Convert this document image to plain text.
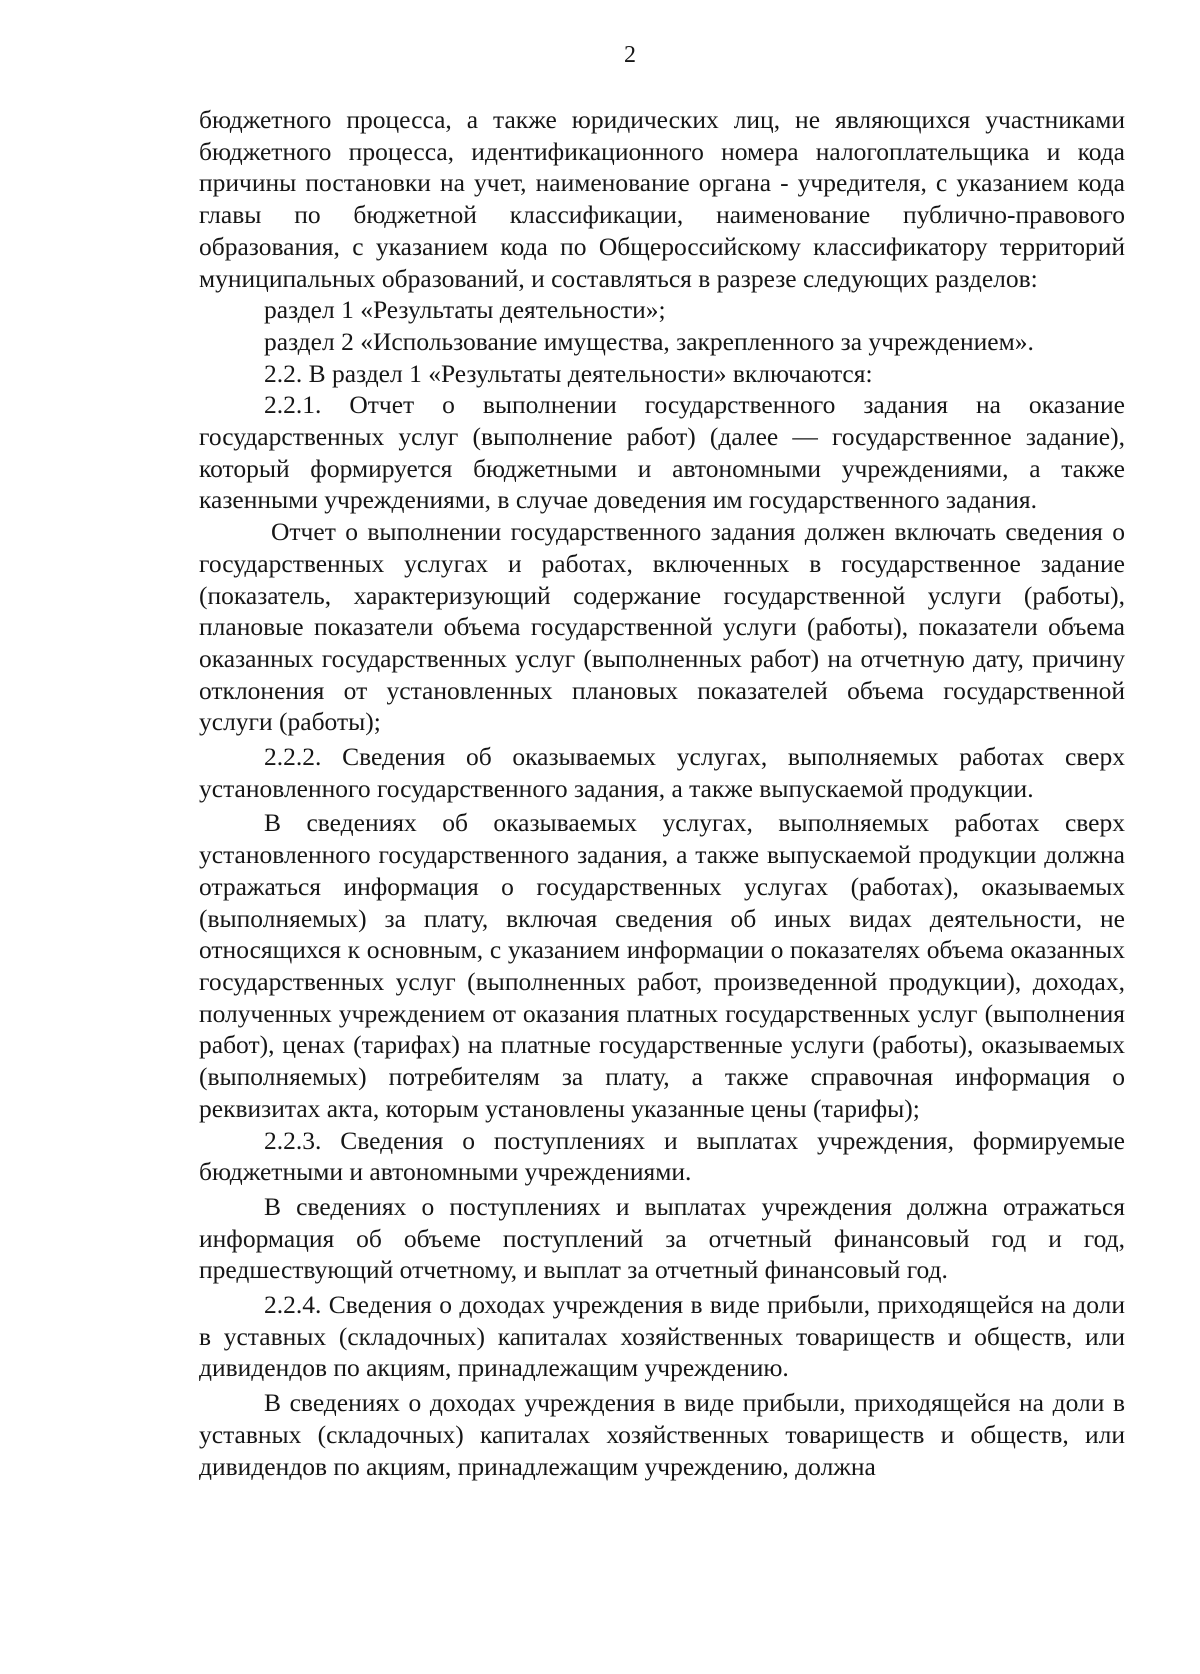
2

бюджетного процесса, а также юридических лиц, не являющихся участниками бюджетного процесса, идентификационного номера налогоплательщика и кода причины постановки на учет, наименование органа - учредителя, с указанием кода главы по бюджетной классификации, наименование публично-правового образования, с указанием кода по Общероссийскому классификатору территорий муниципальных образований, и составляться в разрезе следующих разделов:

раздел 1 «Результаты деятельности»;

раздел 2 «Использование имущества, закрепленного за учреждением».

2.2. В раздел 1 «Результаты деятельности» включаются:

2.2.1. Отчет о выполнении государственного задания на оказание государственных услуг (выполнение работ) (далее — государственное задание), который формируется бюджетными и автономными учреждениями, а также казенными учреждениями, в случае доведения им государственного задания.

Отчет о выполнении государственного задания должен включать сведения о государственных услугах и работах, включенных в государственное задание (показатель, характеризующий содержание государственной услуги (работы), плановые показатели объема государственной услуги (работы), показатели объема оказанных государственных услуг (выполненных работ) на отчетную дату, причину отклонения от установленных плановых показателей объема государственной услуги (работы);

2.2.2. Сведения об оказываемых услугах, выполняемых работах сверх установленного государственного задания, а также выпускаемой продукции.

В сведениях об оказываемых услугах, выполняемых работах сверх установленного государственного задания, а также выпускаемой продукции должна отражаться информация о государственных услугах (работах), оказываемых (выполняемых) за плату, включая сведения об иных видах деятельности, не относящихся к основным, с указанием информации о показателях объема оказанных государственных услуг (выполненных работ, произведенной продукции), доходах, полученных учреждением от оказания платных государственных услуг (выполнения работ), ценах (тарифах) на платные государственные услуги (работы), оказываемых (выполняемых) потребителям за плату, а также справочная информация о реквизитах акта, которым установлены указанные цены (тарифы);

2.2.3. Сведения о поступлениях и выплатах учреждения, формируемые бюджетными и автономными учреждениями.

В сведениях о поступлениях и выплатах учреждения должна отражаться информация об объеме поступлений за отчетный финансовый год и год, предшествующий отчетному, и выплат за отчетный финансовый год.

2.2.4. Сведения о доходах учреждения в виде прибыли, приходящейся на доли в уставных (складочных) капиталах хозяйственных товариществ и обществ, или дивидендов по акциям, принадлежащим учреждению.

В сведениях о доходах учреждения в виде прибыли, приходящейся на доли в уставных (складочных) капиталах хозяйственных товариществ и обществ, или дивидендов по акциям, принадлежащим учреждению, должна
